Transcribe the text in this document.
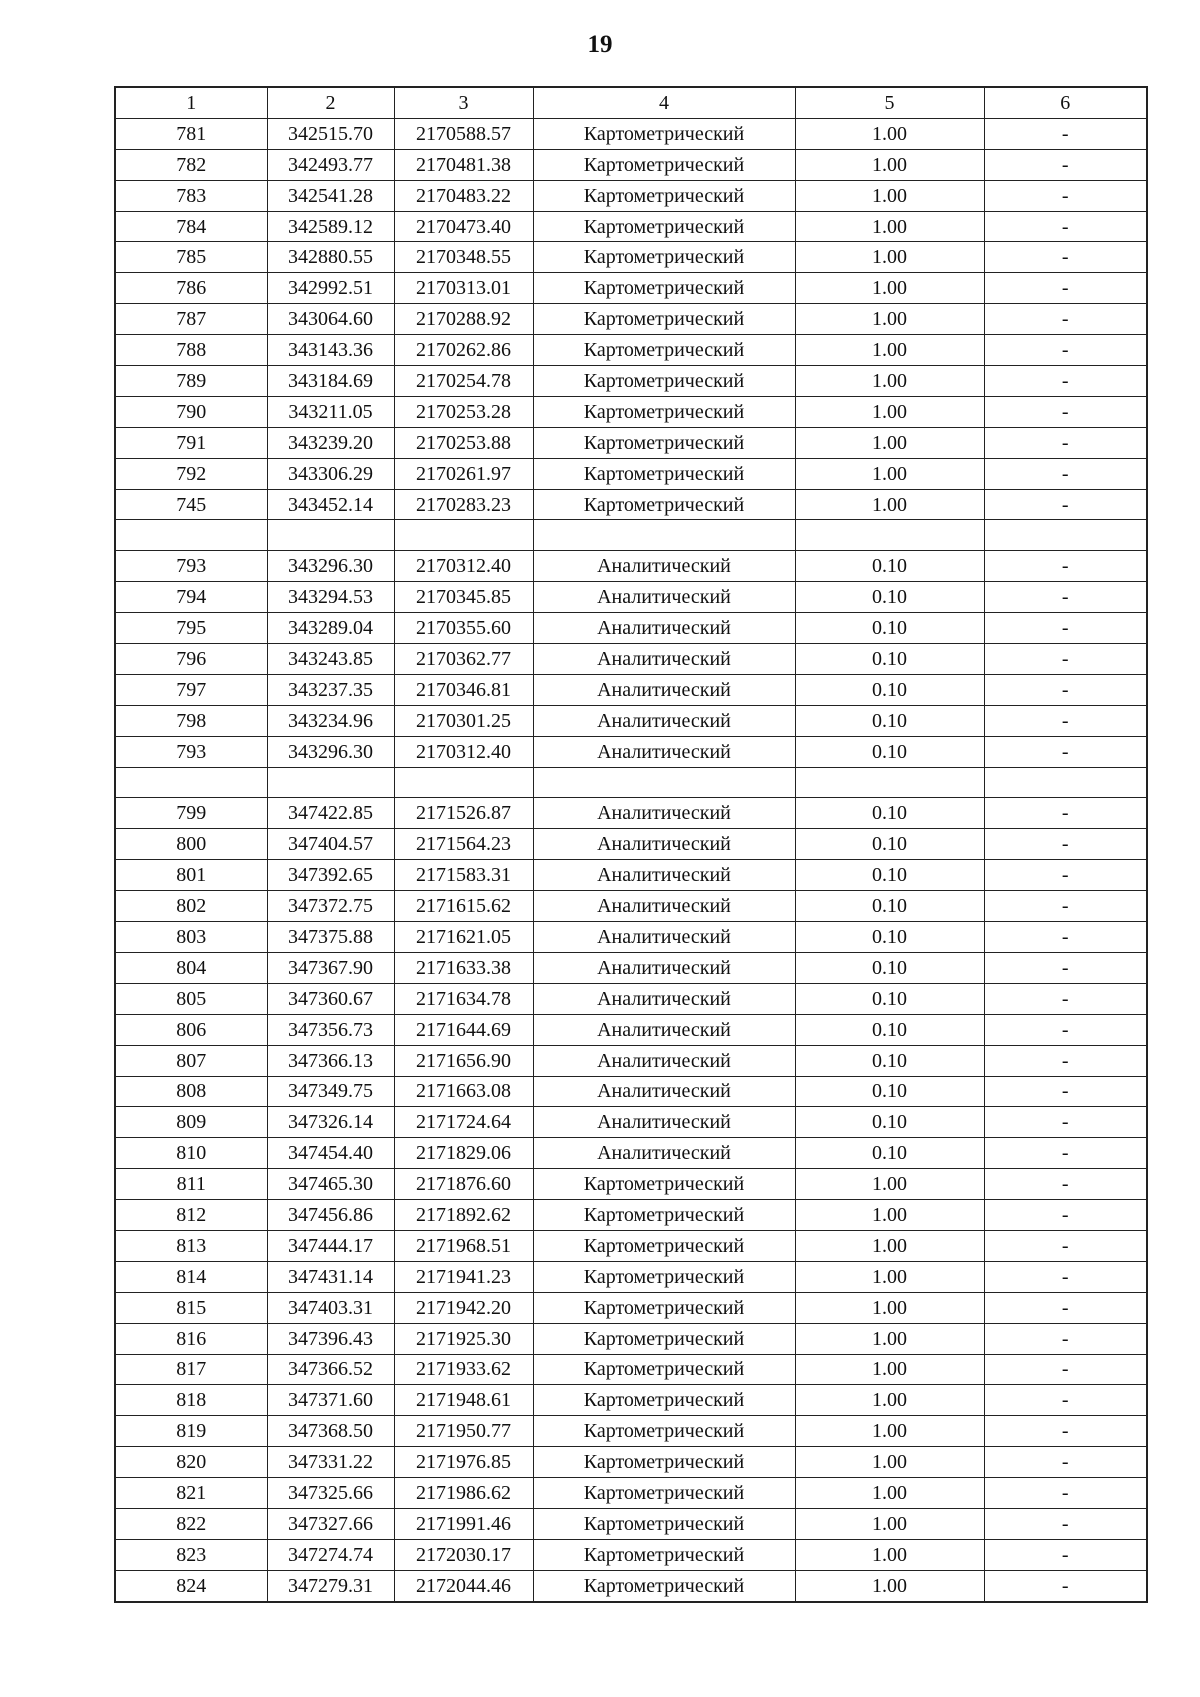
19
1	2	3	4	5	6
781	342515.70	2170588.57	Картометрический	1.00	-
782	342493.77	2170481.38	Картометрический	1.00	-
783	342541.28	2170483.22	Картометрический	1.00	-
784	342589.12	2170473.40	Картометрический	1.00	-
785	342880.55	2170348.55	Картометрический	1.00	-
786	342992.51	2170313.01	Картометрический	1.00	-
787	343064.60	2170288.92	Картометрический	1.00	-
788	343143.36	2170262.86	Картометрический	1.00	-
789	343184.69	2170254.78	Картометрический	1.00	-
790	343211.05	2170253.28	Картометрический	1.00	-
791	343239.20	2170253.88	Картометрический	1.00	-
792	343306.29	2170261.97	Картометрический	1.00	-
745	343452.14	2170283.23	Картометрический	1.00	-

793	343296.30	2170312.40	Аналитический	0.10	-
794	343294.53	2170345.85	Аналитический	0.10	-
795	343289.04	2170355.60	Аналитический	0.10	-
796	343243.85	2170362.77	Аналитический	0.10	-
797	343237.35	2170346.81	Аналитический	0.10	-
798	343234.96	2170301.25	Аналитический	0.10	-
793	343296.30	2170312.40	Аналитический	0.10	-

799	347422.85	2171526.87	Аналитический	0.10	-
800	347404.57	2171564.23	Аналитический	0.10	-
801	347392.65	2171583.31	Аналитический	0.10	-
802	347372.75	2171615.62	Аналитический	0.10	-
803	347375.88	2171621.05	Аналитический	0.10	-
804	347367.90	2171633.38	Аналитический	0.10	-
805	347360.67	2171634.78	Аналитический	0.10	-
806	347356.73	2171644.69	Аналитический	0.10	-
807	347366.13	2171656.90	Аналитический	0.10	-
808	347349.75	2171663.08	Аналитический	0.10	-
809	347326.14	2171724.64	Аналитический	0.10	-
810	347454.40	2171829.06	Аналитический	0.10	-
811	347465.30	2171876.60	Картометрический	1.00	-
812	347456.86	2171892.62	Картометрический	1.00	-
813	347444.17	2171968.51	Картометрический	1.00	-
814	347431.14	2171941.23	Картометрический	1.00	-
815	347403.31	2171942.20	Картометрический	1.00	-
816	347396.43	2171925.30	Картометрический	1.00	-
817	347366.52	2171933.62	Картометрический	1.00	-
818	347371.60	2171948.61	Картометрический	1.00	-
819	347368.50	2171950.77	Картометрический	1.00	-
820	347331.22	2171976.85	Картометрический	1.00	-
821	347325.66	2171986.62	Картометрический	1.00	-
822	347327.66	2171991.46	Картометрический	1.00	-
823	347274.74	2172030.17	Картометрический	1.00	-
824	347279.31	2172044.46	Картометрический	1.00	-
